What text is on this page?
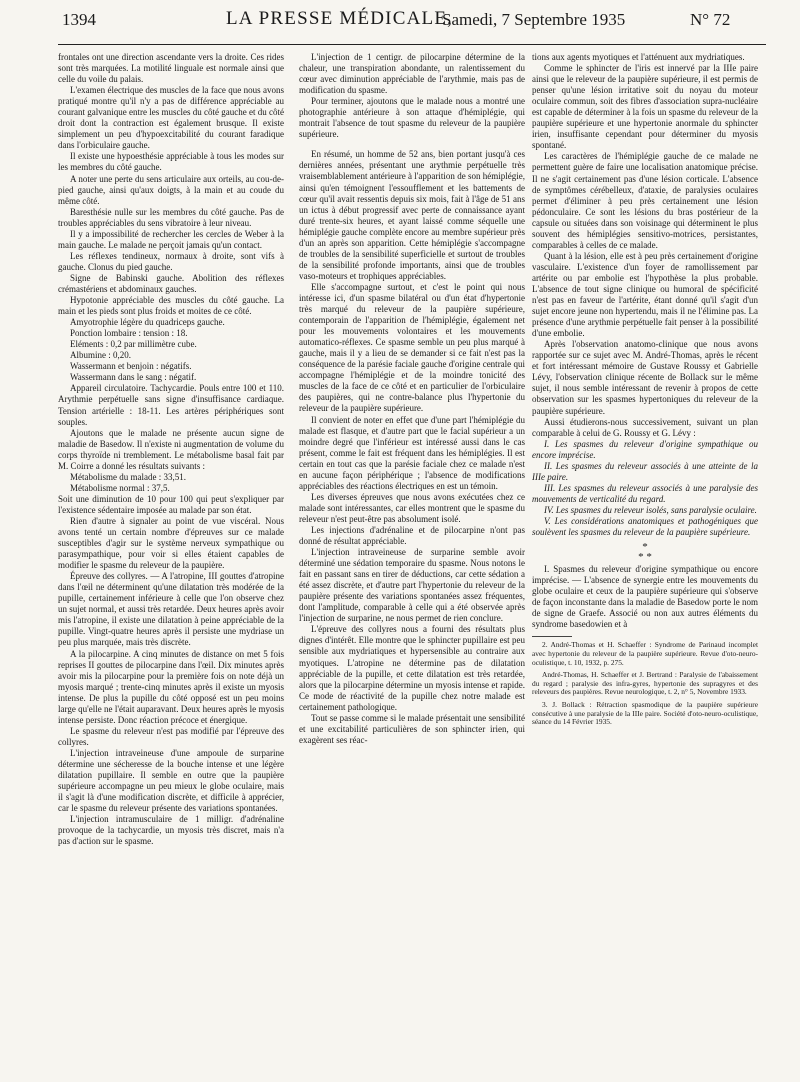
1394	LA PRESSE MÉDICALE,
Samedi, 7 Septembre 1935	N° 72

frontales ont une direction ascendante vers la droite. Ces rides sont très marquées. La motilité linguale est normale ainsi que celle du voile du palais.

L'examen électrique des muscles de la face que nous avons pratiqué montre qu'il n'y a pas de différence appréciable au courant galvanique entre les muscles du côté gauche et du côté droit dont la contraction est également brusque. Il existe simplement un peu d'hypoexcitabilité du courant faradique dans l'orbiculaire gauche.

Il existe une hypoesthésie appréciable à tous les modes sur les membres du côté gauche.

A noter une perte du sens articulaire aux orteils, au cou-de-pied gauche, ainsi qu'aux doigts, à la main et au coude du même côté.

Baresthésie nulle sur les membres du côté gauche. Pas de troubles appréciables du sens vibratoire à leur niveau.

Il y a impossibilité de rechercher les cercles de Weber à la main gauche. Le malade ne perçoit jamais qu'un contact.

Les réflexes tendineux, normaux à droite, sont vifs à gauche. Clonus du pied gauche.

Signe de Babinski gauche. Abolition des réflexes crémastériens et abdominaux gauches.

Hypotonie appréciable des muscles du côté gauche. La main et les pieds sont plus froids et moites de ce côté.

Amyotrophie légère du quadriceps gauche.

Ponction lombaire : tension : 18.

Eléments : 0,2 par millimètre cube.

Albumine : 0,20.

Wassermann et benjoin : négatifs.

Wassermann dans le sang : négatif.

Appareil circulatoire. Tachycardie. Pouls entre 100 et 110. Arythmie perpétuelle sans signe d'insuffisance cardiaque. Tension artérielle : 18-11. Les artères périphériques sont souples.

Ajoutons que le malade ne présente aucun signe de maladie de Basedow. Il n'existe ni augmentation de volume du corps thyroïde ni tremblement. Le métabolisme basal fait par M. Coirre a donné les résultats suivants :

Métabolisme du malade : 33,51.

Métabolisme normal : 37,5.

Soit une diminution de 10 pour 100 qui peut s'expliquer par l'existence sédentaire imposée au malade par son état.

Rien d'autre à signaler au point de vue viscéral. Nous avons tenté un certain nombre d'épreuves sur ce malade susceptibles d'agir sur le système nerveux sympathique ou parasympathique, pour voir si elles étaient capables de modifier le spasme du releveur de la paupière.

Épreuve des collyres. — A l'atropine, III gouttes d'atropine dans l'œil ne déterminent qu'une dilatation très modérée de la pupille, certainement inférieure à celle que l'on observe chez un sujet normal, et aussi très retardée. Deux heures après avoir mis l'atropine, il existe une dilatation à peine appréciable de la pupille. Vingt-quatre heures après il persiste une mydriase un peu plus marquée, mais très discrète.

A la pilocarpine. A cinq minutes de distance on met 5 fois reprises II gouttes de pilocarpine dans l'œil. Dix minutes après avoir mis la pilocarpine pour la première fois on note déjà un myosis marqué ; trente-cinq minutes après il existe un myosis intense. De plus la pupille du côté opposé est un peu moins large qu'elle ne l'était auparavant. Deux heures après le myosis intense persiste. Donc réaction précoce et énergique.

Le spasme du releveur n'est pas modifié par l'épreuve des collyres.

L'injection intraveineuse d'une ampoule de surparine détermine une sécheresse de la bouche intense et une légère dilatation pupillaire. Il semble en outre que la paupière supérieure accompagne un peu mieux le globe oculaire, mais il s'agit là d'une modification discrète, et difficile à apprécier, car le spasme du releveur présente des variations spontanées.

L'injection intramusculaire de 1 milligr. d'adrénaline provoque de la tachycardie, un myosis très discret, mais n'a pas d'action sur le spasme.

L'injection de 1 centigr. de pilocarpine détermine de la chaleur, une transpiration abondante, un ralentissement du cœur avec diminution appréciable de l'arythmie, mais pas de modification du spasme.

Pour terminer, ajoutons que le malade nous a montré une photographie antérieure à son attaque d'hémiplégie, qui montrait l'absence de tout spasme du releveur de la paupière supérieure.

En résumé, un homme de 52 ans, bien portant jusqu'à ces dernières années, présentant une arythmie perpétuelle très vraisemblablement antérieure à l'apparition de son hémiplégie, ainsi qu'en témoignent l'essoufflement et les battements de cœur qu'il avait ressentis depuis six mois, fait à l'âge de 51 ans un ictus à début progressif avec perte de connaissance ayant duré trente-six heures, et ayant laissé comme séquelle une hémiplégie gauche complète encore au membre supérieur près d'un an après son apparition. Cette hémiplégie s'accompagne de troubles de la sensibilité superficielle et surtout de troubles de la sensibilité profonde importants, ainsi que de troubles vaso-moteurs et trophiques appréciables.

Elle s'accompagne surtout, et c'est le point qui nous intéresse ici, d'un spasme bilatéral ou d'un état d'hypertonie très marqué du releveur de la paupière supérieure, contemporain de l'apparition de l'hémiplégie, également net pour les mouvements volontaires et les mouvements automatico-réflexes. Ce spasme semble un peu plus marqué à gauche, mais il y a lieu de se demander si ce fait n'est pas la conséquence de la parésie faciale gauche d'origine centrale qui accompagne l'hémiplégie et de la moindre tonicité des muscles de la face de ce côté et en particulier de l'orbiculaire des paupières, qui ne contre-balance plus l'hypertonie du releveur de la paupière supérieure.

Il convient de noter en effet que d'une part l'hémiplégie du malade est flasque, et d'autre part que le facial supérieur a un moindre degré que l'inférieur est intéressé aussi dans le cas présent, comme le fait est fréquent dans les hémiplégies. Il est certain en tout cas que la parésie faciale chez ce malade n'est en aucune façon périphérique ; l'absence de modifications appréciables des réactions électriques en est un témoin.

Les diverses épreuves que nous avons exécutées chez ce malade sont intéressantes, car elles montrent que le spasme du releveur n'est peut-être pas absolument isolé.

Les injections d'adrénaline et de pilocarpine n'ont pas donné de résultat appréciable.

L'injection intraveineuse de surparine semble avoir déterminé une sédation temporaire du spasme. Nous notons le fait en passant sans en tirer de déductions, car cette sédation a été assez discrète, et d'autre part l'hypertonie du releveur de la paupière présente des variations spontanées assez fréquentes, dont l'amplitude, comparable à celle qui a été observée après l'injection de surparine, ne nous permet de rien conclure.

L'épreuve des collyres nous a fourni des résultats plus dignes d'intérêt. Elle montre que le sphincter pupillaire est peu sensible aux mydriatiques et hypersensible au contraire aux myotiques. L'atropine ne détermine pas de dilatation appréciable de la pupille, et cette dilatation est très retardée, alors que la pilocarpine détermine un myosis intense et rapide. Ce mode de réactivité de la pupille chez notre malade est certainement pathologique.

Tout se passe comme si le malade présentait une sensibilité et une excitabilité particulières de son sphincter irien, qui exagèrent ses réac-

tions aux agents myotiques et l'atténuent aux mydriatiques.

Comme le sphincter de l'iris est innervé par la IIIe paire ainsi que le releveur de la paupière supérieure, il est permis de penser qu'une lésion irritative soit du noyau du moteur oculaire commun, soit des fibres d'association supra-nucléaire est capable de déterminer à la fois un spasme du releveur de la paupière supérieure et une hypertonie anormale du sphincter irien, insuffisante cependant pour déterminer du myosis spontané.

Les caractères de l'hémiplégie gauche de ce malade ne permettent guère de faire une localisation anatomique précise. Il ne s'agit certainement pas d'une lésion corticale. L'absence de symptômes cérébelleux, d'ataxie, de paralysies oculaires permet d'éliminer à peu près certainement une lésion pédonculaire. Ce sont les lésions du bras postérieur de la capsule ou situées dans son voisinage qui déterminent le plus souvent des hémiplégies sensitivo-motrices, persistantes, comparables à celles de ce malade.

Quant à la lésion, elle est à peu près certainement d'origine vasculaire. L'existence d'un foyer de ramollissement par artérite ou par embolie est l'hypothèse la plus probable. L'absence de tout signe clinique ou humoral de spécificité n'est pas en faveur de l'artérite, étant donné qu'il s'agit d'un sujet encore jeune non hypertendu, mais il ne l'élimine pas. La présence d'une arythmie perpétuelle fait penser à la possibilité d'une embolie.

Après l'observation anatomo-clinique que nous avons rapportée sur ce sujet avec M. André-Thomas, après le récent et fort intéressant mémoire de Gustave Roussy et Gabrielle Lévy, l'observation clinique récente de Bollack sur le même sujet, il nous semble intéressant de revenir à propos de cette observation sur les spasmes hypertoniques du releveur de la paupière supérieure.

Aussi étudierons-nous successivement, suivant un plan comparable à celui de G. Roussy et G. Lévy :

I. Les spasmes du releveur d'origine sympathique ou encore imprécise.

II. Les spasmes du releveur associés à une atteinte de la IIIe paire.

III. Les spasmes du releveur associés à une paralysie des mouvements de verticalité du regard.

IV. Les spasmes du releveur isolés, sans paralysie oculaire.

V. Les considérations anatomiques et pathogéniques que soulèvent les spasmes du releveur de la paupière supérieure.

*
* *

I. Spasmes du releveur d'origine sympathique ou encore imprécise. — L'absence de synergie entre les mouvements du globe oculaire et ceux de la paupière supérieure qui s'observe de façon inconstante dans la maladie de Basedow porte le nom de signe de Graefe. Associé ou non aux autres éléments du syndrome basedowien et à

2. André-Thomas et H. Schaeffer : Syndrome de Parinaud incomplet avec hypertonie du releveur de la paupière supérieure. Revue d'oto-neuro-oculistique, t. 10, 1932, p. 275.

André-Thomas, H. Schaeffer et J. Bertrand : Paralysie de l'abaissement du regard ; paralysie des infra-gyres, hypertonie des supragyres et des releveurs des paupières. Revue neurologique, t. 2, n° 5, Novembre 1933.

3. J. Bollack : Rétraction spasmodique de la paupière supérieure consécutive à une paralysie de la IIIe paire. Société d'oto-neuro-oculistique, séance du 14 Février 1935.
